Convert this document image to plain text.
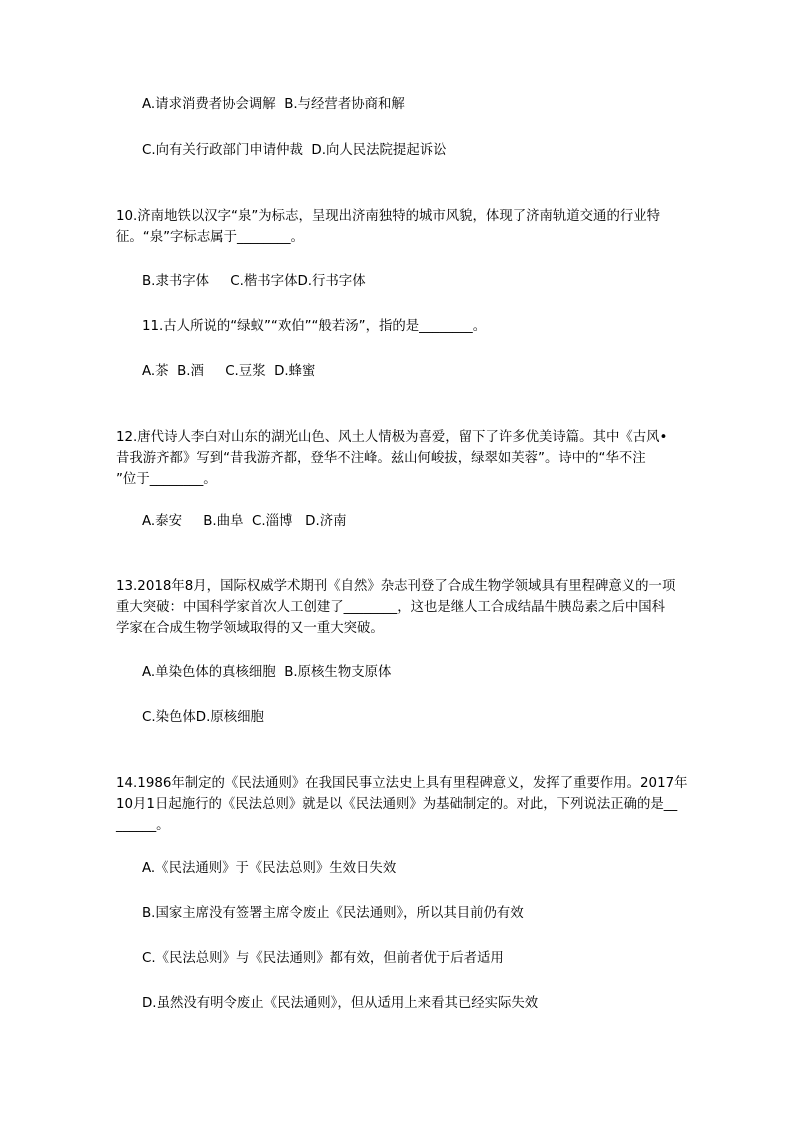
A.请求消费者协会调解  B.与经营者协商和解
C.向有关行政部门申请仲裁  D.向人民法院提起诉讼
10.济南地铁以汉字“泉”为标志，呈现出济南独特的城市风貌，体现了济南轨道交通的行业特
征。“泉”字标志属于________。
B.隶书字体     C.楷书字体D.行书字体
11.古人所说的“绿蚁”“欢伯”“般若汤”，指的是________。
A.茶  B.酒     C.豆浆  D.蜂蜜
12.唐代诗人李白对山东的湖光山色、风土人情极为喜爱，留下了许多优美诗篇。其中《古风•
昔我游齐都》写到“昔我游齐都，登华不注峰。兹山何峻拔，绿翠如芙蓉”。诗中的“华不注
”位于________。
A.泰安     B.曲阜  C.淄博   D.济南
13.2018年8月，国际权威学术期刊《自然》杂志刊登了合成生物学领域具有里程碑意义的一项
重大突破：中国科学家首次人工创建了________，这也是继人工合成结晶牛胰岛素之后中国科
学家在合成生物学领域取得的又一重大突破。
A.单染色体的真核细胞  B.原核生物支原体
C.染色体D.原核细胞
14.1986年制定的《民法通则》在我国民事立法史上具有里程碑意义，发挥了重要作用。2017年
10月1日起施行的《民法总则》就是以《民法通则》为基础制定的。对此，下列说法正确的是__
______。
A.《民法通则》于《民法总则》生效日失效
B.国家主席没有签署主席令废止《民法通则》，所以其目前仍有效
C.《民法总则》与《民法通则》都有效，但前者优于后者适用
D.虽然没有明令废止《民法通则》，但从适用上来看其已经实际失效
